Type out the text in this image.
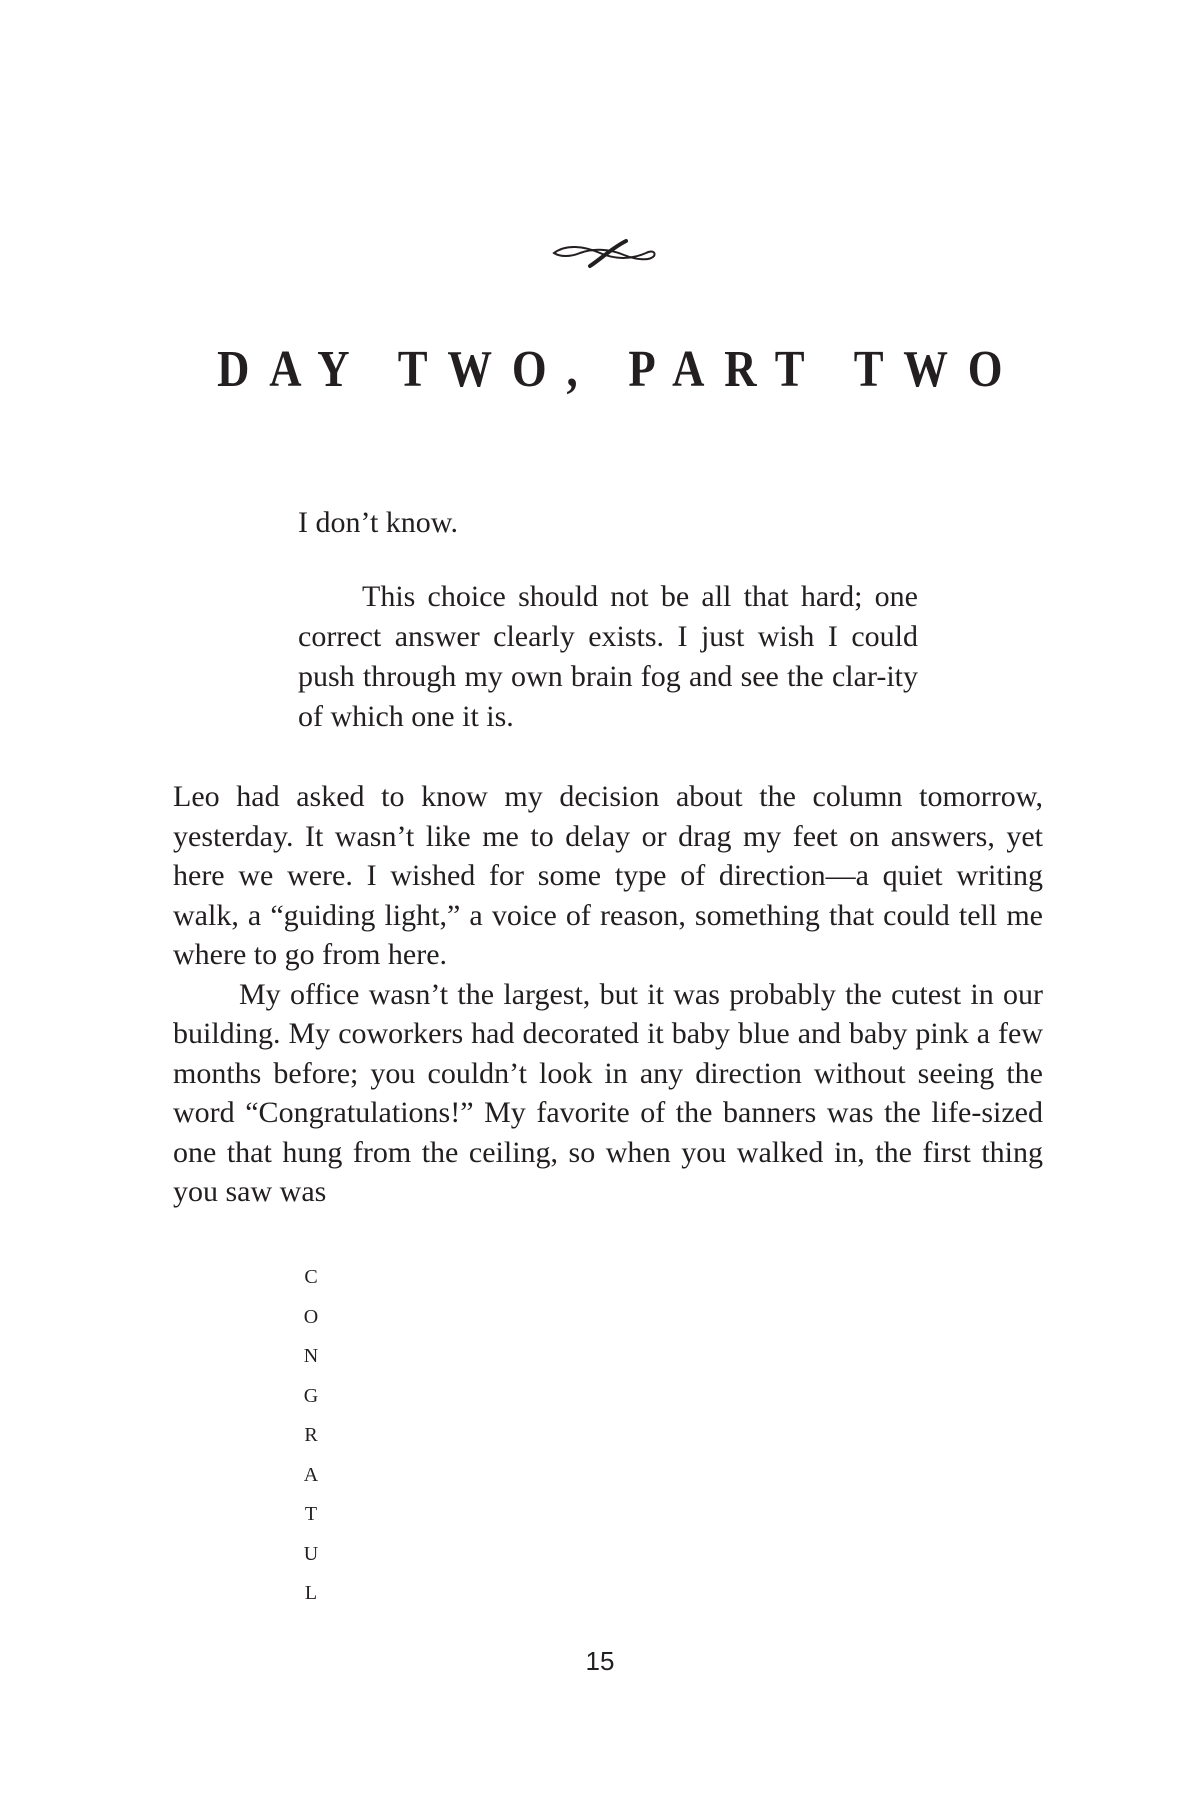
DAY TWO, PART TWO

I don’t know.

This choice should not be all that hard; one correct answer clearly exists. I just wish I could push through my own brain fog and see the clar-ity of which one it is.

Leo had asked to know my decision about the column tomorrow, yesterday. It wasn’t like me to delay or drag my feet on answers, yet here we were. I wished for some type of direction—a quiet writing walk, a “guiding light,” a voice of reason, something that could tell me where to go from here.

My office wasn’t the largest, but it was probably the cutest in our building. My coworkers had decorated it baby blue and baby pink a few months before; you couldn’t look in any direction without seeing the word “Congratulations!” My favorite of the banners was the life-sized one that hung from the ceiling, so when you walked in, the first thing you saw was

C
O
N
G
R
A
T
U
L
15
